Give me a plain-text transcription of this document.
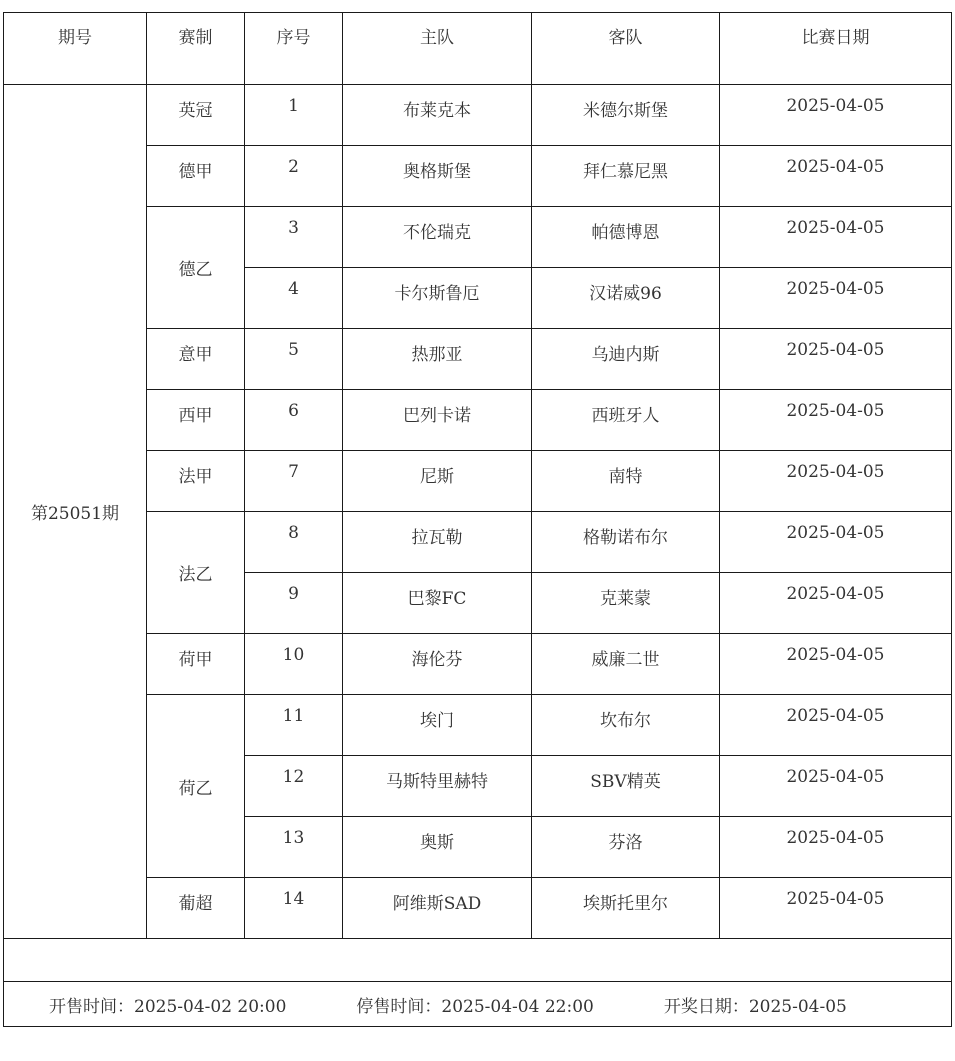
期号	赛制	序号	主队	客队	比赛日期
第25051期	英冠	1	布莱克本	米德尔斯堡	2025-04-05
	德甲	2	奥格斯堡	拜仁慕尼黑	2025-04-05
	德乙	3	不伦瑞克	帕德博恩	2025-04-05
		4	卡尔斯鲁厄	汉诺威96	2025-04-05
	意甲	5	热那亚	乌迪内斯	2025-04-05
	西甲	6	巴列卡诺	西班牙人	2025-04-05
	法甲	7	尼斯	南特	2025-04-05
	法乙	8	拉瓦勒	格勒诺布尔	2025-04-05
		9	巴黎FC	克莱蒙	2025-04-05
	荷甲	10	海伦芬	威廉二世	2025-04-05
	荷乙	11	埃门	坎布尔	2025-04-05
		12	马斯特里赫特	SBV精英	2025-04-05
		13	奥斯	芬洛	2025-04-05
	葡超	14	阿维斯SAD	埃斯托里尔	2025-04-05

开售时间：2025-04-02 20:00 停售时间：2025-04-04 22:00 开奖日期：2025-04-05					
